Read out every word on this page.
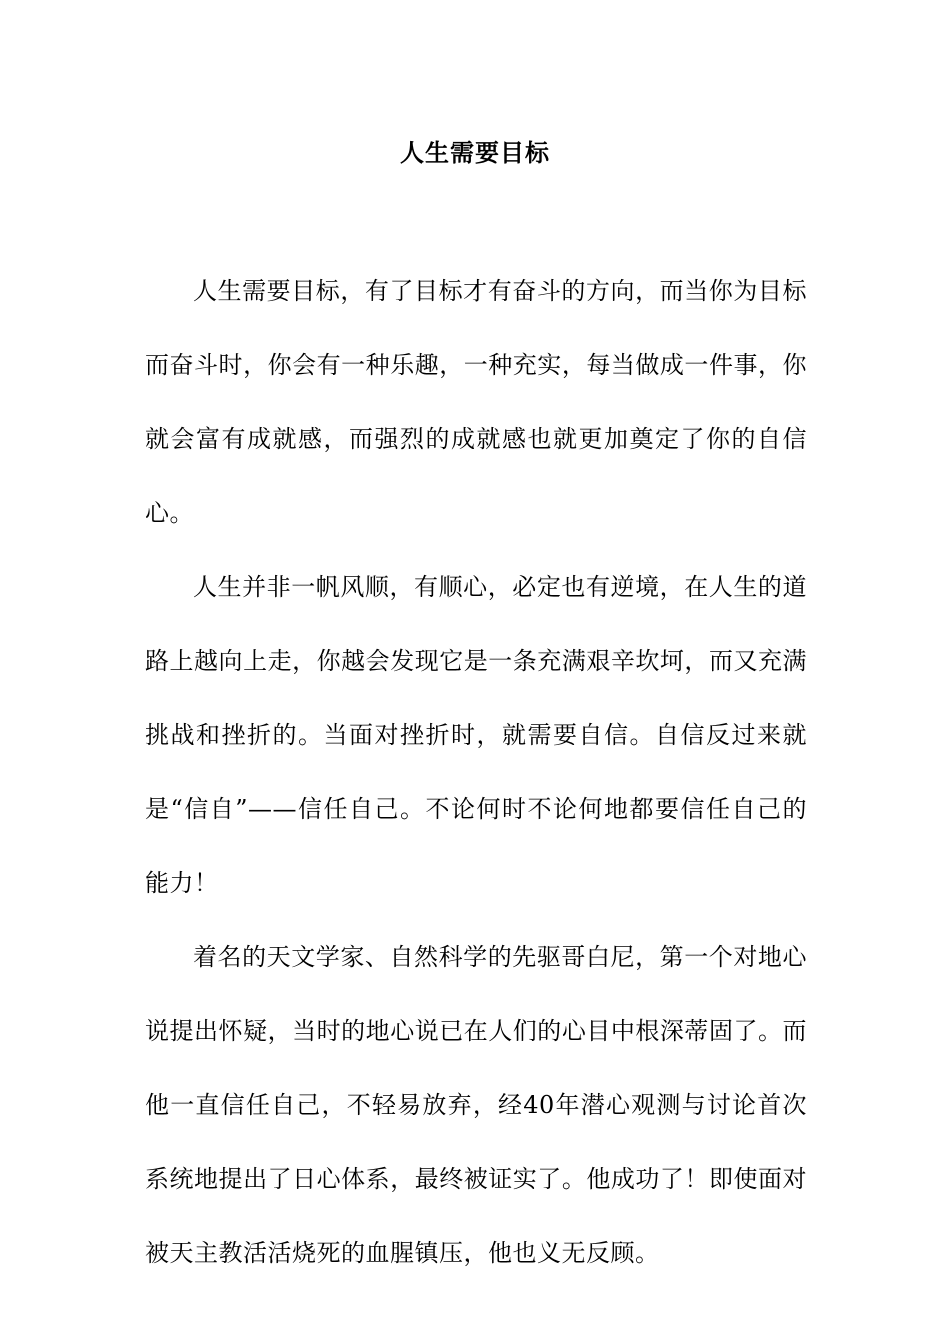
人生需要目标

人生需要目标，有了目标才有奋斗的方向，而当你为目标而奋斗时，你会有一种乐趣，一种充实，每当做成一件事，你就会富有成就感，而强烈的成就感也就更加奠定了你的自信心。

人生并非一帆风顺，有顺心，必定也有逆境，在人生的道路上越向上走，你越会发现它是一条充满艰辛坎坷，而又充满挑战和挫折的。当面对挫折时，就需要自信。自信反过来就是“信自”——信任自己。不论何时不论何地都要信任自己的能力！

着名的天文学家、自然科学的先驱哥白尼，第一个对地心说提出怀疑，当时的地心说已在人们的心目中根深蒂固了。而他一直信任自己，不轻易放弃，经40年潜心观测与讨论首次系统地提出了日心体系，最终被证实了。他成功了！即使面对被天主教活活烧死的血腥镇压，他也义无反顾。
